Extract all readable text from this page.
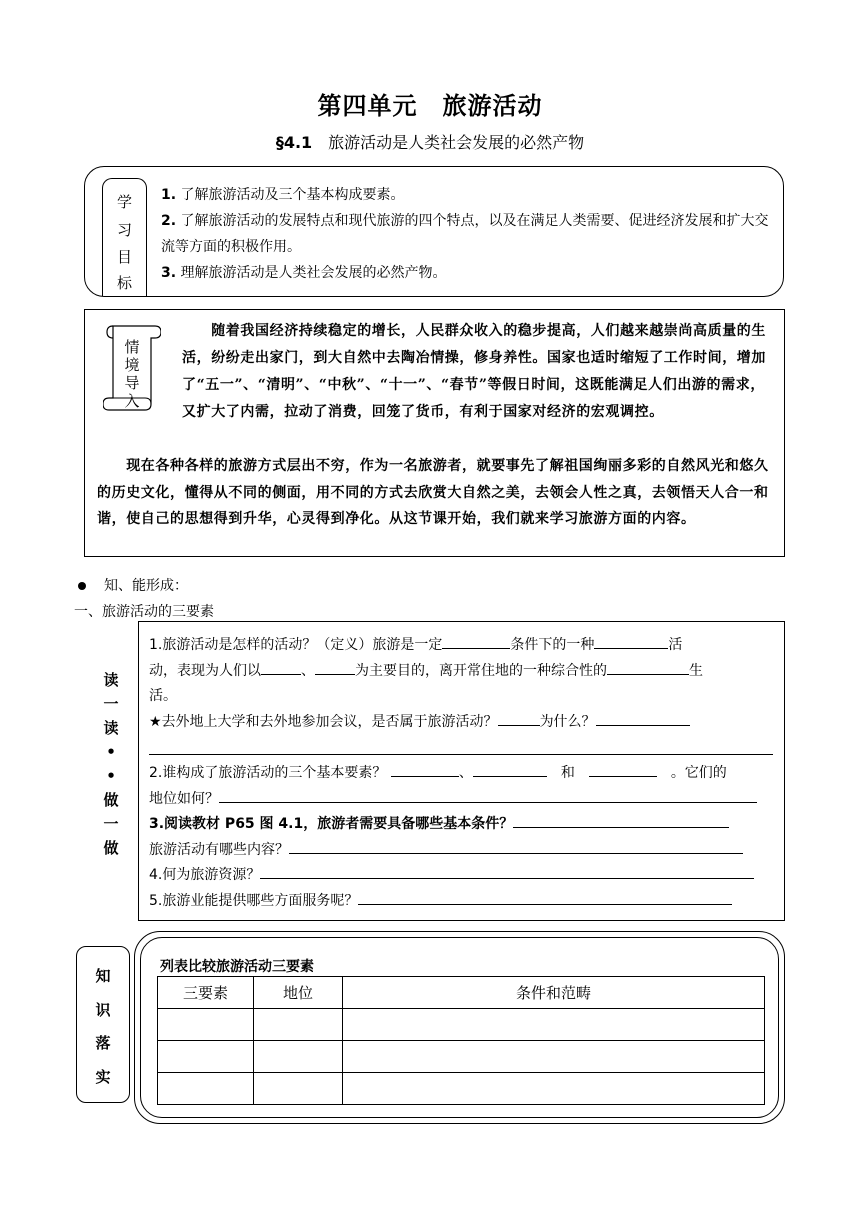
第四单元　旅游活动
§4.1　 旅游活动是人类社会发展的必然产物
学
习
目
标

1. 了解旅游活动及三个基本构成要素。

2. 了解旅游活动的发展特点和现代旅游的四个特点，以及在满足人类需要、促进经济发展和扩大交流等方面的积极作用。

3. 理解旅游活动是人类社会发展的必然产物。

情
境
导
入

　　随着我国经济持续稳定的增长，人民群众收入的稳步提高，人们越来越崇尚高质量的生活，纷纷走出家门，到大自然中去陶冶情操，修身养性。国家也适时缩短了工作时间，增加了“五一”、“清明”、“中秋”、“十一”、“春节”等假日时间，这既能满足人们出游的需求，又扩大了内需，拉动了消费，回笼了货币，有利于国家对经济的宏观调控。

　　现在各种各样的旅游方式层出不穷，作为一名旅游者，就要事先了解祖国绚丽多彩的自然风光和悠久的历史文化，懂得从不同的侧面，用不同的方式去欣赏大自然之美，去领会人性之真，去领悟天人合一和谐，使自己的思想得到升华，心灵得到净化。从这节课开始，我们就来学习旅游方面的内容。

知、能形成：
一、旅游活动的三要素
读
一
读
•
•
做
一
做
1.旅游活动是怎样的活动？（定义）旅游是一定	条件下的一种	活
动，表现为人们以	、	为主要目的，离开常住地的一种综合性的	生
活。
★去外地上大学和去外地参加会议，是否属于旅游活动？	为什么？
2.谁构成了旅游活动的三个基本要素？	、　	和　　	。它们的
地位如何？
3.阅读教材 P65 图 4.1，旅游者需要具备哪些基本条件？
旅游活动有哪些内容？
4.何为旅游资源？
5.旅游业能提供哪些方面服务呢？
知
识
落
实
列表比较旅游活动三要素
三要素	地位	条件和范畴
